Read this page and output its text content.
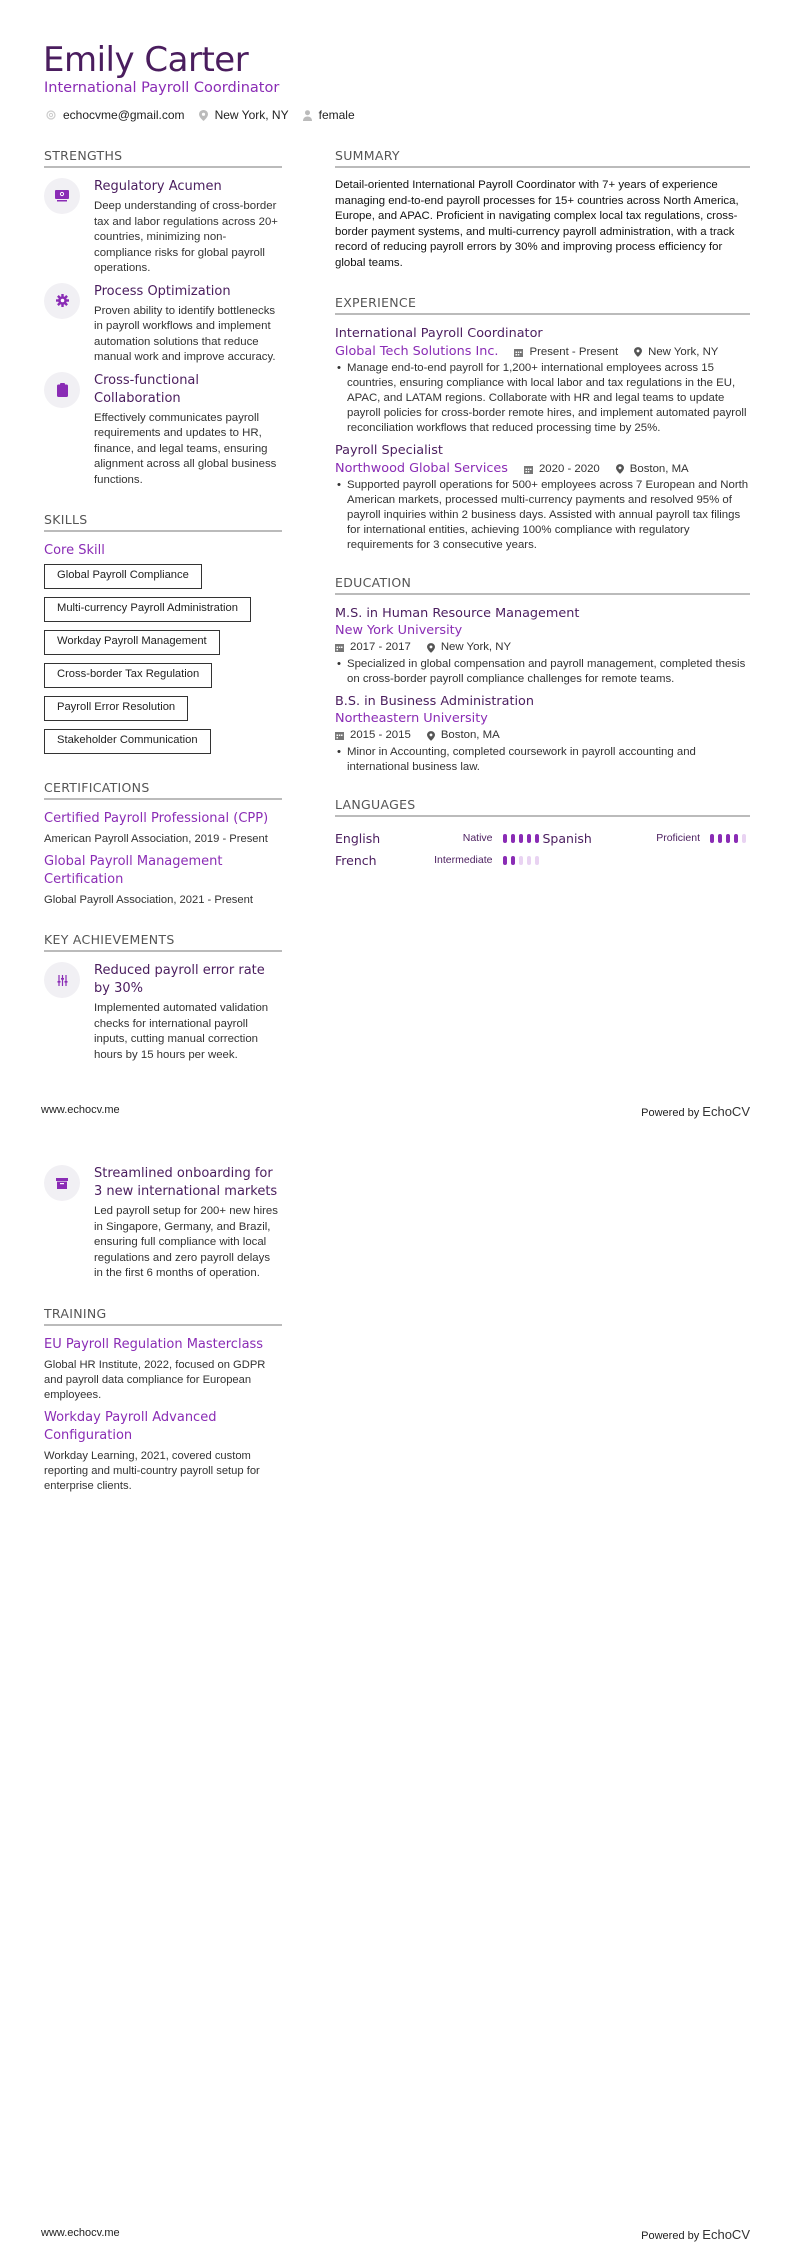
Emily Carter
International Payroll Coordinator
echocvme@gmail.com	New York, NY	female
STRENGTHS
Regulatory Acumen
Deep understanding of cross-border tax and labor regulations across 20+ countries, minimizing non-compliance risks for global payroll operations.
Process Optimization
Proven ability to identify bottlenecks in payroll workflows and implement automation solutions that reduce manual work and improve accuracy.
Cross-functional Collaboration
Effectively communicates payroll requirements and updates to HR, finance, and legal teams, ensuring alignment across all global business functions.
SKILLS
Core Skill
Global Payroll Compliance
Multi-currency Payroll Administration
Workday Payroll Management
Cross-border Tax Regulation
Payroll Error Resolution
Stakeholder Communication
CERTIFICATIONS
Certified Payroll Professional (CPP)
American Payroll Association, 2019 - Present
Global Payroll Management Certification
Global Payroll Association, 2021 - Present
KEY ACHIEVEMENTS
Reduced payroll error rate by 30%
Implemented automated validation checks for international payroll inputs, cutting manual correction hours by 15 hours per week.
SUMMARY
Detail-oriented International Payroll Coordinator with 7+ years of experience managing end-to-end payroll processes for 15+ countries across North America, Europe, and APAC. Proficient in navigating complex local tax regulations, cross-border payment systems, and multi-currency payroll administration, with a track record of reducing payroll errors by 30% and improving process efficiency for global teams.
EXPERIENCE
International Payroll Coordinator
Global Tech Solutions Inc.	Present - Present	New York, NY
• Manage end-to-end payroll for 1,200+ international employees across 15 countries, ensuring compliance with local labor and tax regulations in the EU, APAC, and LATAM regions. Collaborate with HR and legal teams to update payroll policies for cross-border remote hires, and implement automated payroll reconciliation workflows that reduced processing time by 25%.
Payroll Specialist
Northwood Global Services	2020 - 2020	Boston, MA
• Supported payroll operations for 500+ employees across 7 European and North American markets, processed multi-currency payments and resolved 95% of payroll inquiries within 2 business days. Assisted with annual payroll tax filings for international entities, achieving 100% compliance with regulatory requirements for 3 consecutive years.
EDUCATION
M.S. in Human Resource Management
New York University
2017 - 2017	New York, NY
• Specialized in global compensation and payroll management, completed thesis on cross-border payroll compliance challenges for remote teams.
B.S. in Business Administration
Northeastern University
2015 - 2015	Boston, MA
• Minor in Accounting, completed coursework in payroll accounting and international business law.
LANGUAGES
English	Native	Spanish	Proficient
French	Intermediate
www.echocv.me	Powered by EchoCV
Streamlined onboarding for 3 new international markets
Led payroll setup for 200+ new hires in Singapore, Germany, and Brazil, ensuring full compliance with local regulations and zero payroll delays in the first 6 months of operation.
TRAINING
EU Payroll Regulation Masterclass
Global HR Institute, 2022, focused on GDPR and payroll data compliance for European employees.
Workday Payroll Advanced Configuration
Workday Learning, 2021, covered custom reporting and multi-country payroll setup for enterprise clients.
www.echocv.me	Powered by EchoCV
